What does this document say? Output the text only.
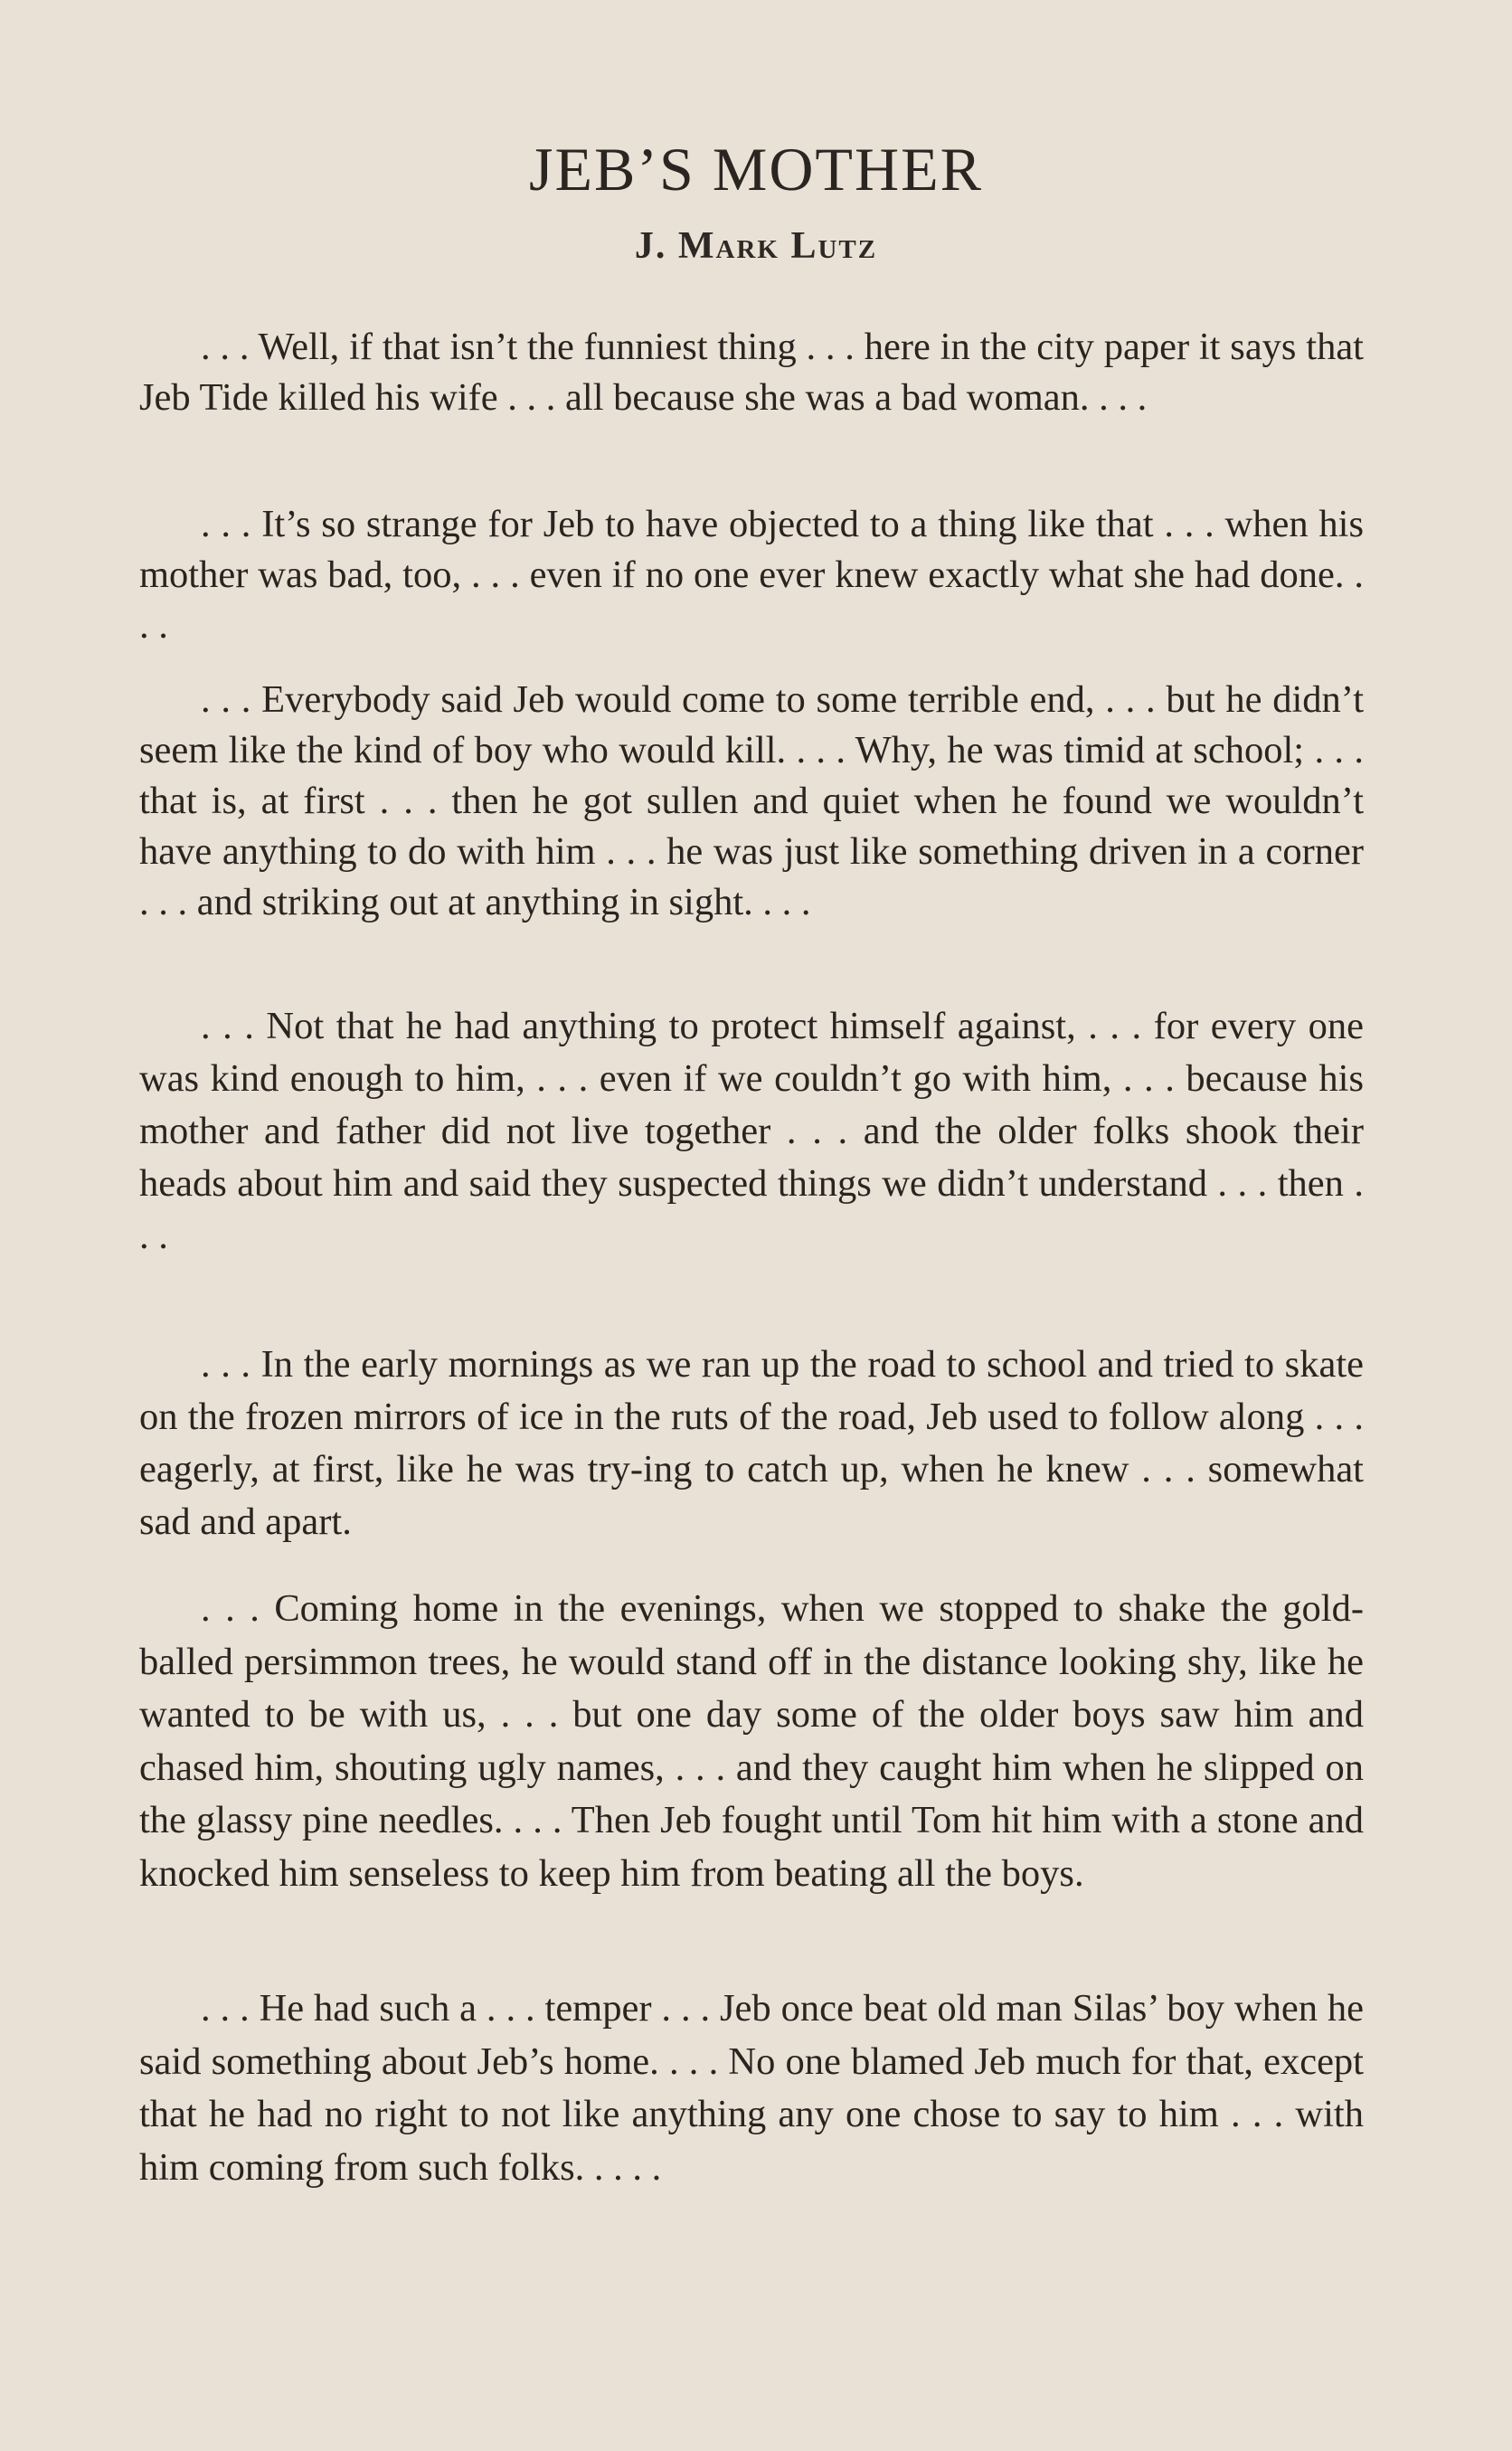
JEB’S MOTHER
J. Mark Lutz

. . . Well, if that isn’t the funniest thing . . . here in the city paper it says that Jeb Tide killed his wife . . . all because she was a bad woman. . . .

. . . It’s so strange for Jeb to have objected to a thing like that . . . when his mother was bad, too, . . . even if no one ever knew exactly what she had done. . . .

. . . Everybody said Jeb would come to some terrible end, . . . but he didn’t seem like the kind of boy who would kill. . . . Why, he was timid at school; . . . that is, at first . . . then he got sullen and quiet when he found we wouldn’t have anything to do with him . . . he was just like something driven in a corner . . . and striking out at anything in sight. . . .

. . . Not that he had anything to protect himself against, . . . for every one was kind enough to him, . . . even if we couldn’t go with him, . . . because his mother and father did not live together . . . and the older folks shook their heads about him and said they suspected things we didn’t understand . . . then . . .

. . . In the early mornings as we ran up the road to school and tried to skate on the frozen mirrors of ice in the ruts of the road, Jeb used to follow along . . . eagerly, at first, like he was try-ing to catch up, when he knew . . . somewhat sad and apart.

. . . Coming home in the evenings, when we stopped to shake the gold-balled persimmon trees, he would stand off in the distance looking shy, like he wanted to be with us, . . . but one day some of the older boys saw him and chased him, shouting ugly names, . . . and they caught him when he slipped on the glassy pine needles. . . . Then Jeb fought until Tom hit him with a stone and knocked him senseless to keep him from beating all the boys.

. . . He had such a . . . temper . . . Jeb once beat old man Silas’ boy when he said something about Jeb’s home. . . . No one blamed Jeb much for that, except that he had no right to not like anything any one chose to say to him . . . with him coming from such folks. . . . .
